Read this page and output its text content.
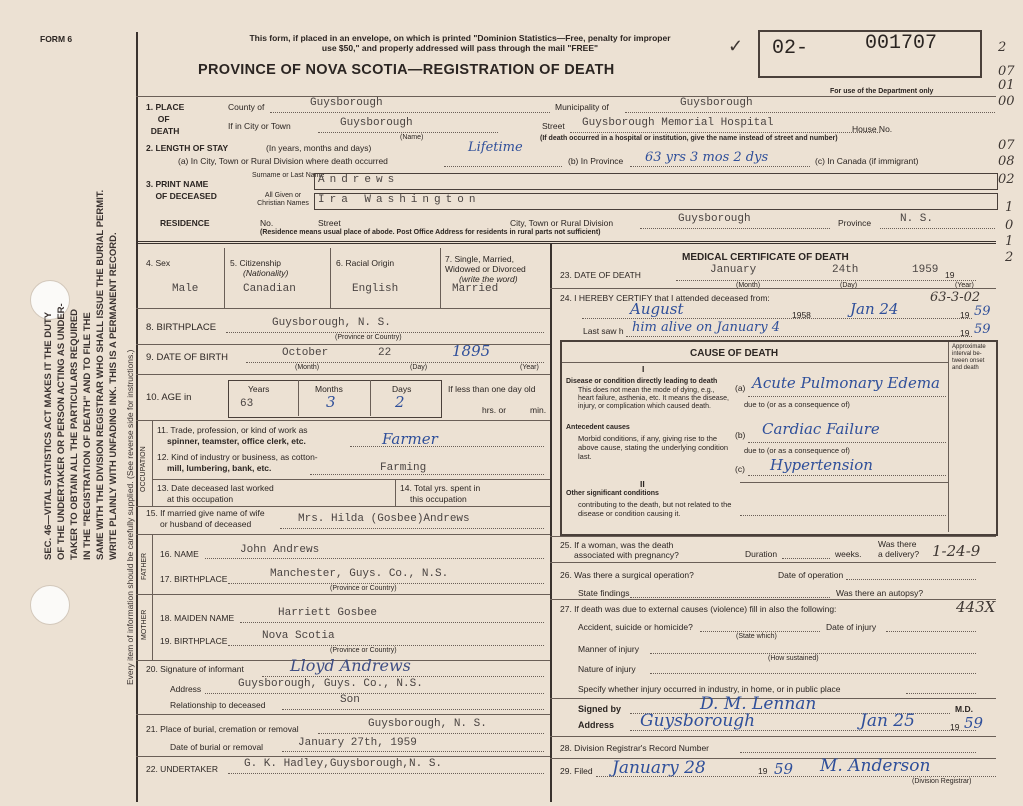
SEC. 46—VITAL STATISTICS ACT MAKES IT THE DUTY OF THE UNDERTAKER OR PERSON ACTING AS UNDER- TAKER TO OBTAIN ALL THE PARTICULARS REQUIRED IN THE "REGISTRATION OF DEATH" AND TO FILE THE SAME WITH THE DIVISION REGISTRAR WHO SHALL ISSUE THE BURIAL PERMIT. WRITE PLAINLY WITH UNFADING INK. THIS IS A PERMANENT RECORD. Every item of information should be carefully supplied. (See reverse side for instructions.)
FORM 6	This form, if placed in an envelope, on which is printed "Dominion Statistics—Free, penalty for improper
use $50," and properly addressed will pass through the mail "FREE"
PROVINCE OF NOVA SCOTIA—REGISTRATION OF DEATH
02-	001707
✓
For use of the Department only
2
07
01
00
07
08
02
1
0
1
2
1. PLACE
OF
DEATH
County of	Guysborough	Municipality of	Guysborough
If in City or Town	Guysborough
(Name)
Street Guysborough Memorial Hospital	House No.
(If death occurred in a hospital or institution, give the name instead of street and number)
2. LENGTH OF STAY	(In years, months and days)
(a) In City, Town or Rural Division where death occurred
Lifetime
(b) In Province 63 yrs 3 mos 2 dys	(c) In Canada (if immigrant)
3. PRINT NAME
OF DECEASED
Surname or Last Name
Andrews
All Given or Christian Names Ira Washington
RESIDENCE	No.	Street	City, Town or Rural Division	Guysborough	Province	N. S.
(Residence means usual place of abode. Post Office Address for residents in rural parts not sufficient)
4. Sex
Male
5. Citizenship
(Nationality)
Canadian
6. Racial Origin
English
7. Single, Married,
Widowed or Divorced
(write the word)
Married
8. BIRTHPLACE	Guysborough, N. S.
(Province or Country)
9. DATE OF BIRTH	October	22	1895
(Month)	(Day)	(Year)
10. AGE in
Years	Months	Days
63	3	2
If less than one day old
hrs. or	min.
OCCUPATION
11. Trade, profession, or kind of work as
spinner, teamster, office clerk, etc.	Farmer
12. Kind of industry or business, as cotton-
mill, lumbering, bank, etc.	Farming
13. Date deceased last worked
at this occupation
14. Total yrs. spent in
this occupation
15. If married give name of wife
or husband of deceased	Mrs. Hilda (Gosbee)Andrews
FATHER 16. NAME	John Andrews
17. BIRTHPLACE	Manchester, Guys. Co., N.S.
(Province or Country)
MOTHER 18. MAIDEN NAME	Harriett Gosbee
19. BIRTHPLACE	Nova Scotia
(Province or Country)
20. Signature of informant	Lloyd Andrews
Address	Guysborough, Guys. Co., N.S.
Relationship to deceased	Son
21. Place of burial, cremation or removal	Guysborough, N. S.
Date of burial or removal	January 27th, 1959
22. UNDERTAKER G. K. Hadley,Guysborough,N. S.
MEDICAL CERTIFICATE OF DEATH
23. DATE OF DEATH	January	24th	1959 19
(Month)	(Day)	(Year)
24. I HEREBY CERTIFY that I attended deceased from:	63-3-02
August	1958	Jan 24	19 59
Last saw h him alive on January 4	19 59
CAUSE OF DEATH
Approximate interval be-tween onset and death
I
Disease or condition directly leading to death
This does not mean the mode of dying, e.g., heart failure, asthenia, etc. It means the disease, injury, or complication which caused death.
(a) Acute Pulmonary Edema
due to (or as a consequence of)
Antecedent causes
Morbid conditions, if any, giving rise to the above cause, stating the underlying condition last.
(b) Cardiac Failure
due to (or as a consequence of)
(c) Hypertension
II
Other significant conditions
contributing to the death, but not related to the disease or condition causing it.
25. If a woman, was the death
associated with pregnancy?	Duration	weeks.
Was there
a delivery? 1-24-9
26. Was there a surgical operation?	Date of operation
State findings	Was there an autopsy?
27. If death was due to external causes (violence) fill in also the following:	443X
Accident, suicide or homicide?
(State which)
Date of injury
Manner of injury
(How sustained)
Nature of injury
Specify whether injury occurred in industry, in home, or in public place
Signed by	D. M. Lennan	M.D.
Address Guysborough	Jan 25	19 59
28. Division Registrar's Record Number
29. Filed January 28	19 59 M. Anderson
(Division Registrar)
